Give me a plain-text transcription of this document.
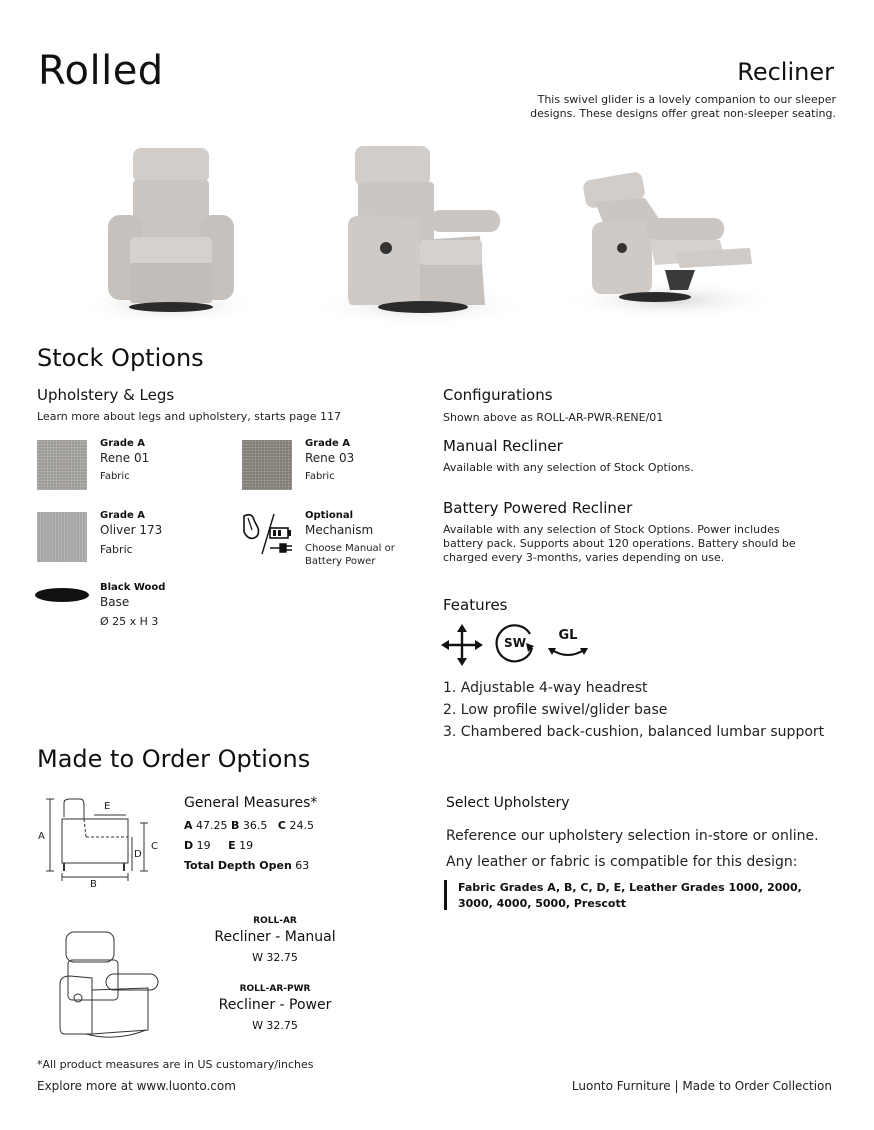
Rolled	Recliner
This swivel glider is a lovely companion to our sleeper designs. These designs offer great non-sleeper seating.
Stock Options
Upholstery & Legs
Learn more about legs and upholstery, starts page 117
Grade A
Rene 01
Fabric
Grade A
Rene 03
Fabric
Grade A
Oliver 173
Fabric
Optional
Mechanism
Choose Manual or Battery Power
Black Wood
Base
Ø 25 x H 3
Configurations
Shown above as ROLL-AR-PWR-RENE/01
Manual Recliner
Available with any selection of Stock Options.
Battery Powered Recliner
Available with any selection of Stock Options. Power includes battery pack. Supports about 120 operations. Battery should be charged every 3-months, varies depending on use.
Features
SW	GL
1. Adjustable 4-way headrest
2. Low profile swivel/glider base
3. Chambered back-cushion, balanced lumbar support
Made to Order Options
A
B
C
D
E	General Measures*
A 47.25 B 36.5 C 24.5
D 19 E 19
Total Depth Open 63
ROLL-AR
Recliner - Manual
W 32.75
ROLL-AR-PWR
Recliner - Power
W 32.75
*All product measures are in US customary/inches
Select Upholstery
Reference our upholstery selection in-store or online.
Any leather or fabric is compatible for this design:
Fabric Grades A, B, C, D, E, Leather Grades 1000, 2000, 3000, 4000, 5000, Prescott
Explore more at www.luonto.com	Luonto Furniture | Made to Order Collection
